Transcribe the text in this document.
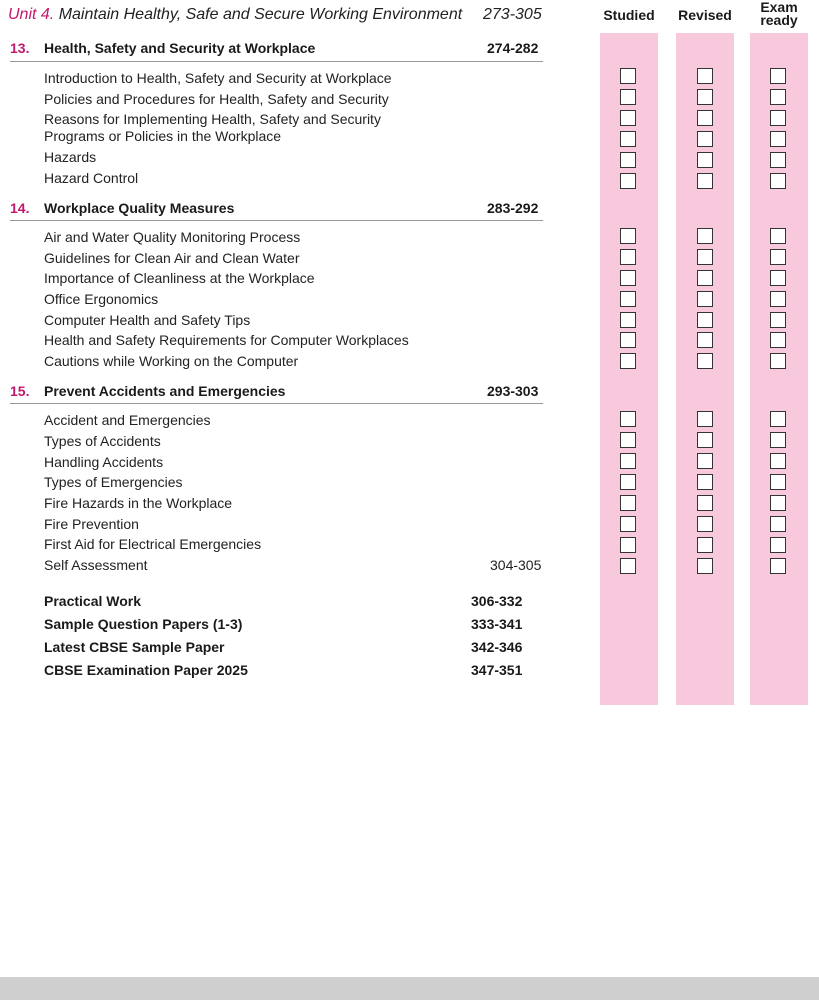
Unit 4. Maintain Healthy, Safe and Secure Working Environment 273-305	Studied Revised	Exam ready
13. Health, Safety and Security at Workplace	274-282
Introduction to Health, Safety and Security at Workplace
Policies and Procedures for Health, Safety and Security
Reasons for Implementing Health, Safety and Security
Programs or Policies in the Workplace
Hazards
Hazard Control
14. Workplace Quality Measures	283-292
Air and Water Quality Monitoring Process
Guidelines for Clean Air and Clean Water
Importance of Cleanliness at the Workplace
Office Ergonomics
Computer Health and Safety Tips
Health and Safety Requirements for Computer Workplaces
Cautions while Working on the Computer
15. Prevent Accidents and Emergencies	293-303
Accident and Emergencies
Types of Accidents
Handling Accidents
Types of Emergencies
Fire Hazards in the Workplace
Fire Prevention
First Aid for Electrical Emergencies
Self Assessment	304-305
Practical Work	306-332
Sample Question Papers (1-3)	333-341
Latest CBSE Sample Paper	342-346
CBSE Examination Paper 2025	347-351
